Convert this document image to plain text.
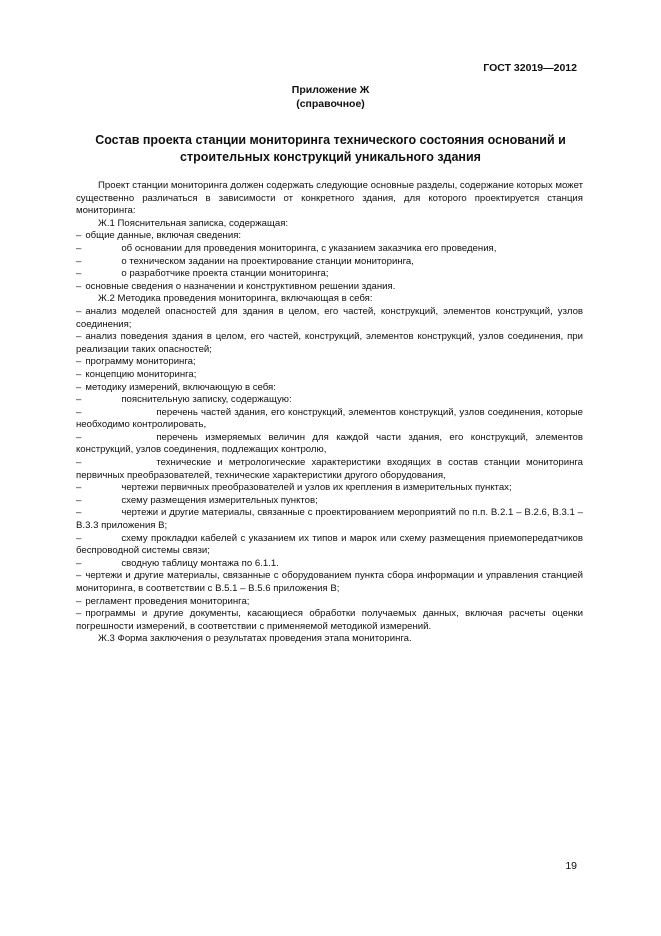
ГОСТ 32019—2012
Приложение Ж
(справочное)
Состав проекта станции мониторинга технического состояния оснований и
строительных конструкций уникального здания
Проект станции мониторинга должен содержать следующие основные разделы, содержание которых может существенно различаться в зависимости от конкретного здания, для которого проектируется станция мониторинга:
Ж.1 Пояснительная записка, содержащая:
– общие данные, включая сведения:
–	об основании для проведения мониторинга, с указанием заказчика его проведения,
–	о техническом задании на проектирование станции мониторинга,
–	о разработчике проекта станции мониторинга;
– основные сведения о назначении и конструктивном решении здания.
Ж.2 Методика проведения мониторинга, включающая в себя:
– анализ моделей опасностей для здания в целом, его частей, конструкций, элементов конструкций, узлов соединения;
– анализ поведения здания в целом, его частей, конструкций, элементов конструкций, узлов соединения, при реализации таких опасностей;
– программу мониторинга;
– концепцию мониторинга;
– методику измерений, включающую в себя:
–	пояснительную записку, содержащую:
–	перечень частей здания, его конструкций, элементов конструкций, узлов соединения, которые необходимо контролировать,
–	перечень измеряемых величин для каждой части здания, его конструкций, элементов конструкций, узлов соединения, подлежащих контролю,
–	технические и метрологические характеристики входящих в состав станции мониторинга первичных преобразователей, технические характеристики другого оборудования,
–	чертежи первичных преобразователей и узлов их крепления в измерительных пунктах;
–	схему размещения измерительных пунктов;
–	чертежи и другие материалы, связанные с проектированием мероприятий по п.п. В.2.1 – В.2.6, В.3.1 – В.3.3 приложения В;
–	схему прокладки кабелей с указанием их типов и марок или схему размещения приемопередатчиков беспроводной системы связи;
–	сводную таблицу монтажа по 6.1.1.
– чертежи и другие материалы, связанные с оборудованием пункта сбора информации и управления станцией мониторинга, в соответствии с В.5.1 – В.5.6 приложения В;
– регламент проведения мониторинга;
– программы и другие документы, касающиеся обработки получаемых данных, включая расчеты оценки погрешности измерений, в соответствии с применяемой методикой измерений.
Ж.3 Форма заключения о результатах проведения этапа мониторинга.
19
